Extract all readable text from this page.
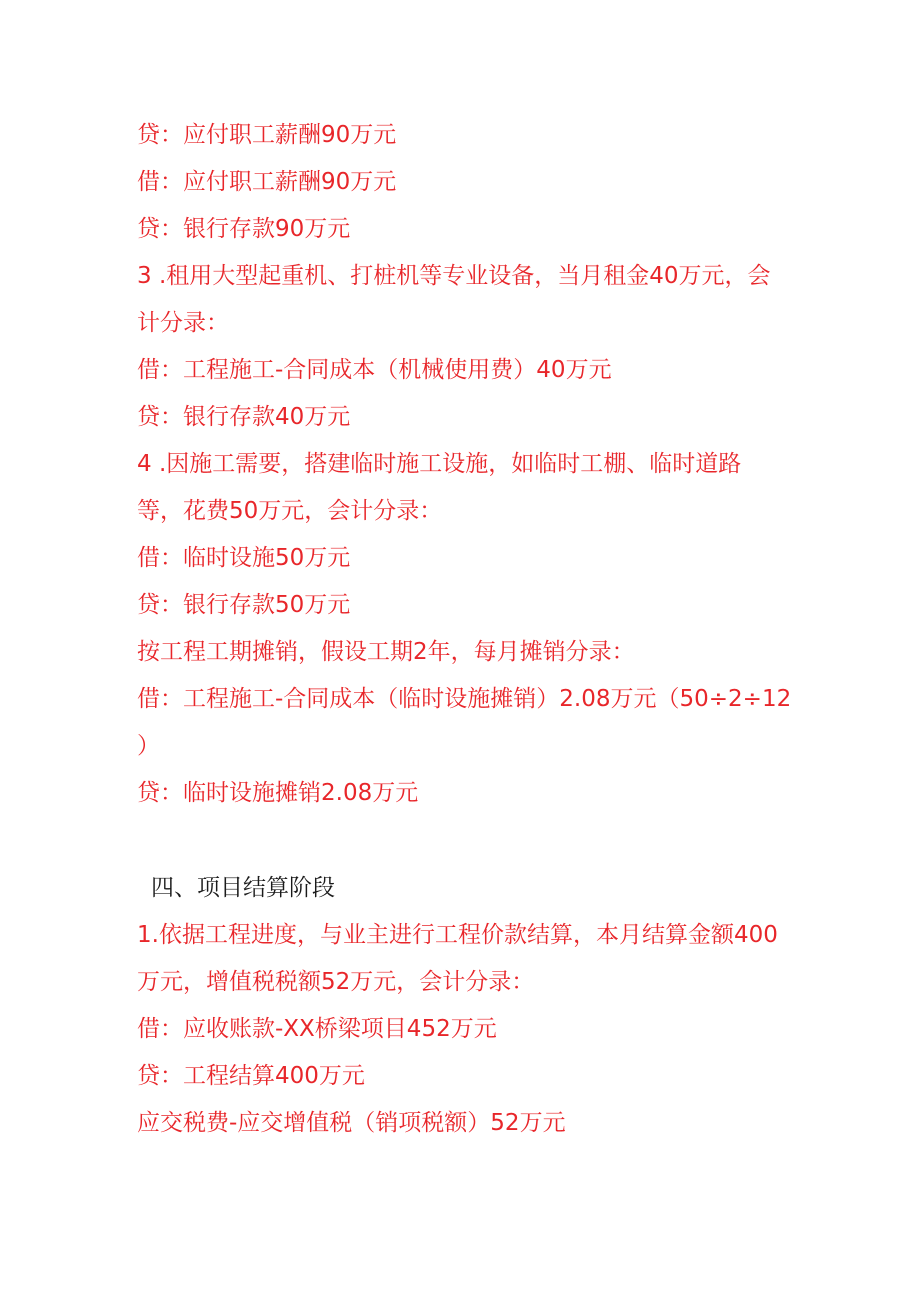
贷：应付职工薪酬90万元
借：应付职工薪酬90万元
贷：银行存款90万元
3 .租用大型起重机、打桩机等专业设备，当月租金40万元，会
计分录：
借：工程施工-合同成本（机械使用费）40万元
贷：银行存款40万元
4 .因施工需要，搭建临时施工设施，如临时工棚、临时道路
等，花费50万元，会计分录：
借：临时设施50万元
贷：银行存款50万元
按工程工期摊销，假设工期2年，每月摊销分录：
借：工程施工-合同成本（临时设施摊销）2.08万元（50÷2÷12
）
贷：临时设施摊销2.08万元
四、项目结算阶段
1.依据工程进度，与业主进行工程价款结算，本月结算金额400
万元，增值税税额52万元，会计分录：
借：应收账款-XX桥梁项目452万元
贷：工程结算400万元
应交税费-应交增值税（销项税额）52万元
